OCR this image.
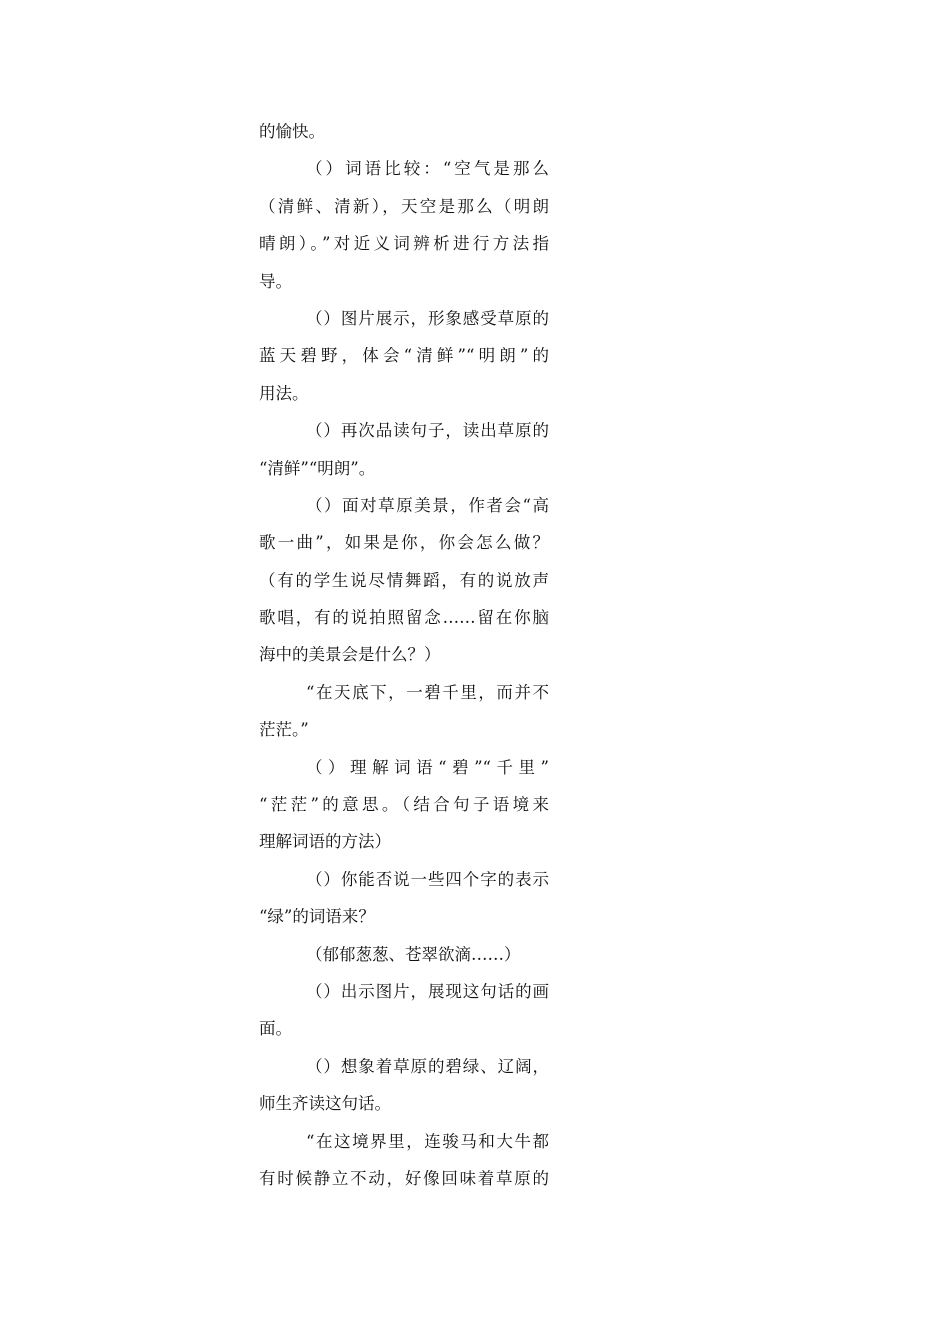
的愉快。
（）词语比较：“空气是那么
（清鲜、清新），天空是那么（明朗
晴朗）。”对近义词辨析进行方法指
导。
（）图片展示，形象感受草原的
蓝天碧野，体会“清鲜”“明朗”的
用法。
（）再次品读句子，读出草原的
“清鲜”“明朗”。
（）面对草原美景，作者会“高
歌一曲”，如果是你，你会怎么做？
（有的学生说尽情舞蹈，有的说放声
歌唱，有的说拍照留念……留在你脑
海中的美景会是什么？）
“在天底下，一碧千里，而并不
茫茫。”
（）理解词语“碧”“千里”
“茫茫”的意思。（结合句子语境来
理解词语的方法）
（）你能否说一些四个字的表示
“绿”的词语来？
（郁郁葱葱、苍翠欲滴……）
（）出示图片，展现这句话的画
面。
（）想象着草原的碧绿、辽阔，
师生齐读这句话。
“在这境界里，连骏马和大牛都
有时候静立不动，好像回味着草原的
